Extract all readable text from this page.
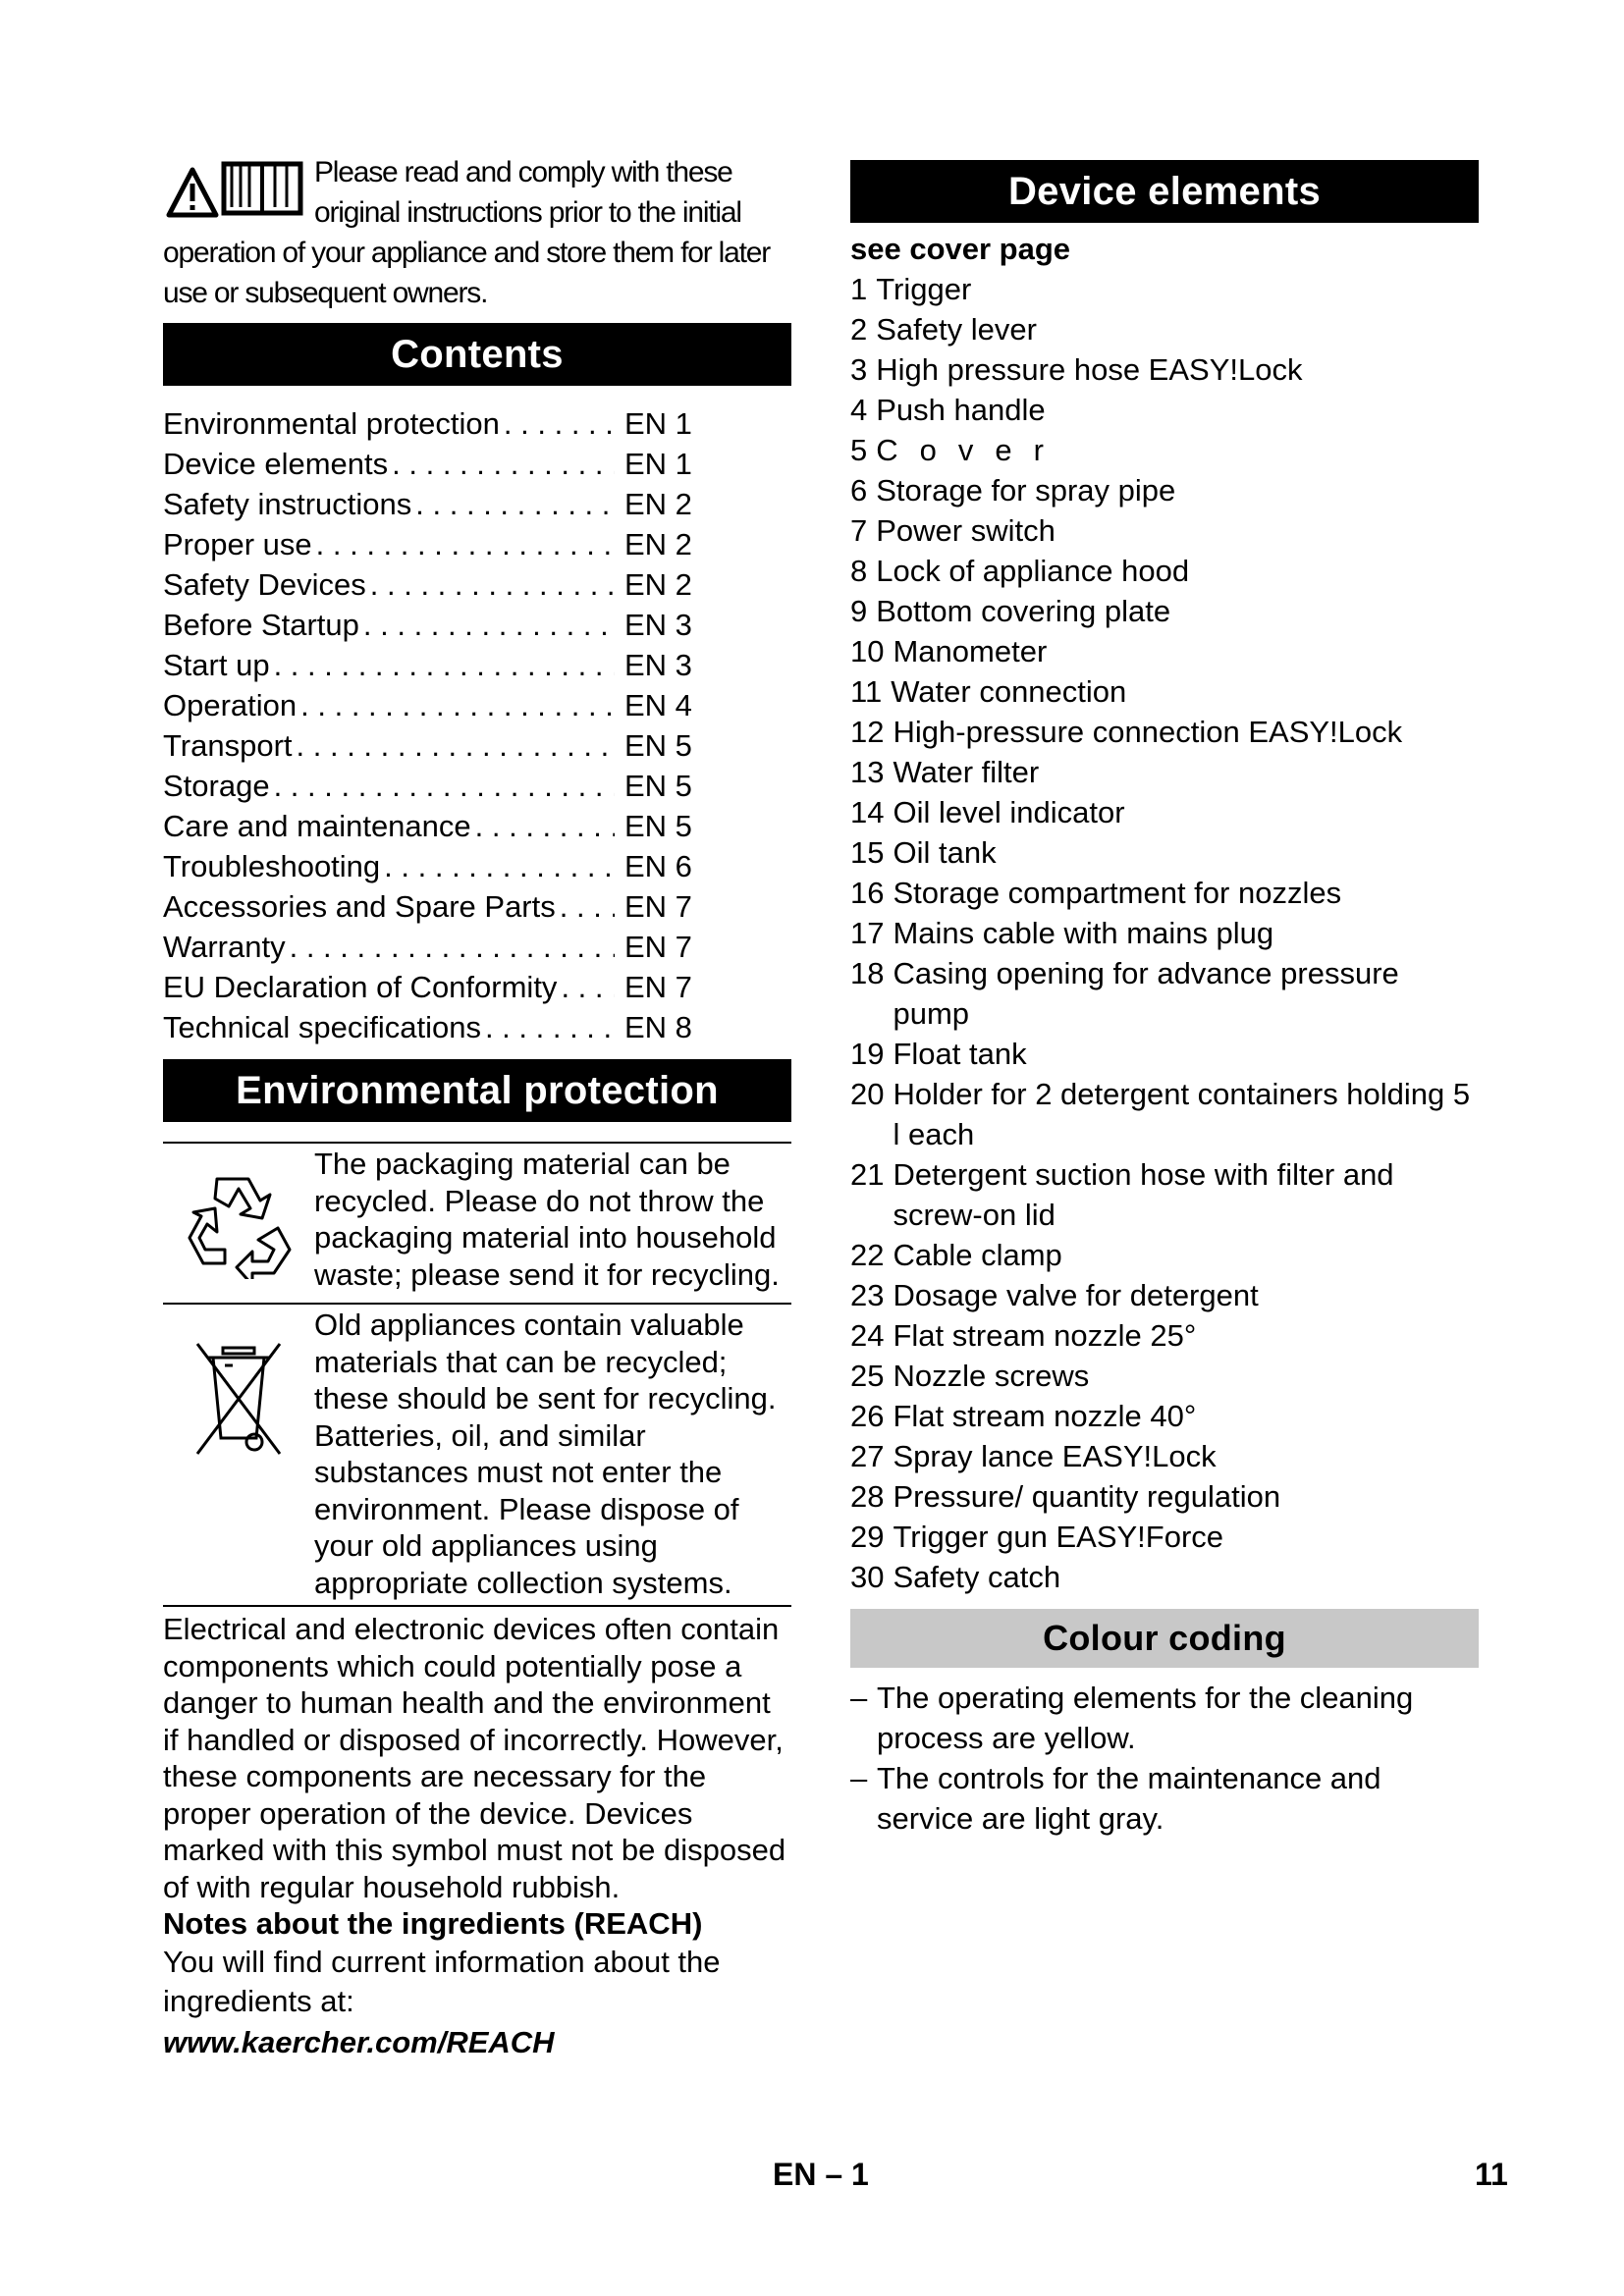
Please read and comply with these original instructions prior to the initial operation of your appliance and store them for later use or subsequent owners.
Contents
Environmental protection . . .	EN 1
Device elements . . .	EN 1
Safety instructions . . .	EN 2
Proper use . . .	EN 2
Safety Devices . . .	EN 2
Before Startup . . .	EN 3
Start up . . .	EN 3
Operation . . .	EN 4
Transport . . .	EN 5
Storage . . .	EN 5
Care and maintenance . . .	EN 5
Troubleshooting . . .	EN 6
Accessories and Spare Parts . . .	EN 7
Warranty . . .	EN 7
EU Declaration of Conformity . . .	EN 7
Technical specifications . . .	EN 8
Environmental protection
The packaging material can be recycled. Please do not throw the packaging material into household waste; please send it for recycling.
Old appliances contain valuable materials that can be recycled; these should be sent for recycling. Batteries, oil, and similar substances must not enter the environment. Please dispose of your old appliances using appropriate collection systems.
Electrical and electronic devices often contain components which could potentially pose a danger to human health and the environment if handled or disposed of incorrectly. However, these components are necessary for the proper operation of the device. Devices marked with this symbol must not be disposed of with regular household rubbish.
Notes about the ingredients (REACH)
You will find current information about the ingredients at:
www.kaercher.com/REACH
Device elements
see cover page
1 Trigger
2 Safety lever
3 High pressure hose EASY!Lock
4 Push handle
5 Cover
6 Storage for spray pipe
7 Power switch
8 Lock of appliance hood
9 Bottom covering plate
10 Manometer
11 Water connection
12 High-pressure connection EASY!Lock
13 Water filter
14 Oil level indicator
15 Oil tank
16 Storage compartment for nozzles
17 Mains cable with mains plug
18 Casing opening for advance pressure pump
19 Float tank
20 Holder for 2 detergent containers holding 5 l each
21 Detergent suction hose with filter and screw-on lid
22 Cable clamp
23 Dosage valve for detergent
24 Flat stream nozzle 25°
25 Nozzle screws
26 Flat stream nozzle 40°
27 Spray lance EASY!Lock
28 Pressure/ quantity regulation
29 Trigger gun EASY!Force
30 Safety catch
Colour coding
– The operating elements for the cleaning process are yellow.
– The controls for the maintenance and service are light gray.
EN – 1	11
